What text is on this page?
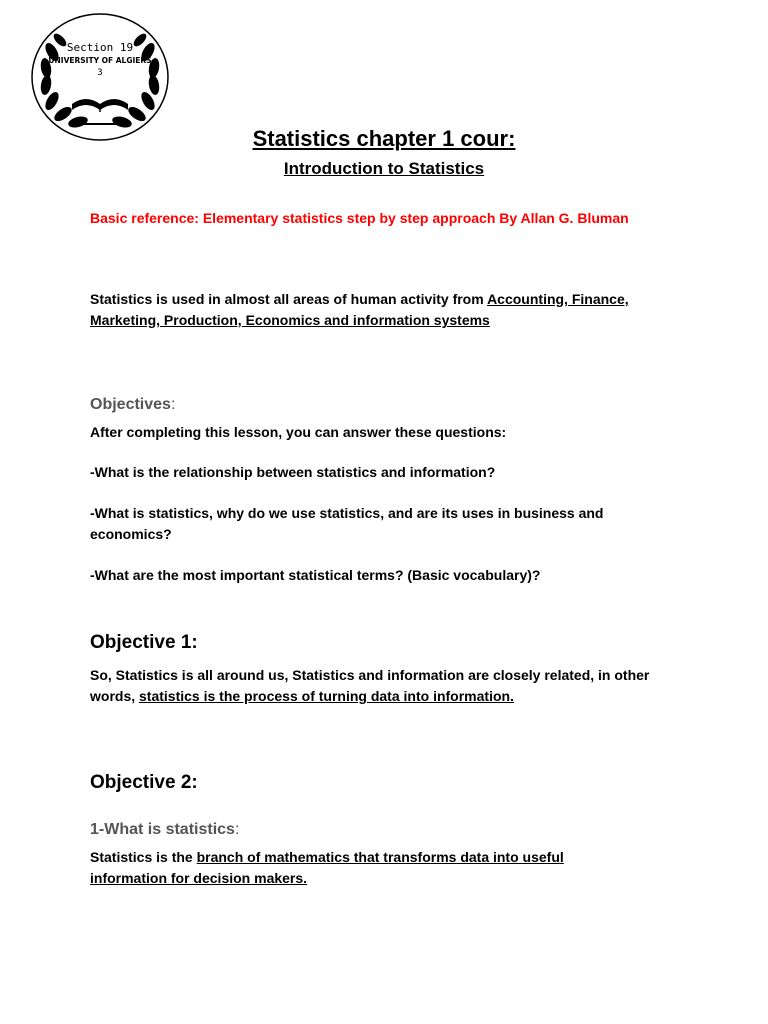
Section 19
UNIVERSITY OF ALGIERS
3
Statistics chapter 1 cour:
Introduction to Statistics
Basic reference: Elementary statistics step by step approach By Allan G. Bluman
Statistics is used in almost all areas of human activity from Accounting, Finance, Marketing, Production, Economics and information systems
Objectives:
After completing this lesson, you can answer these questions:
-What is the relationship between statistics and information?
-What is statistics, why do we use statistics, and are its uses in business and economics?
-What are the most important statistical terms? (Basic vocabulary)?
Objective 1:
So, Statistics is all around us, Statistics and information are closely related, in other words, statistics is the process of turning data into information.
Objective 2:
1-What is statistics:
Statistics is the branch of mathematics that transforms data into useful information for decision makers.
